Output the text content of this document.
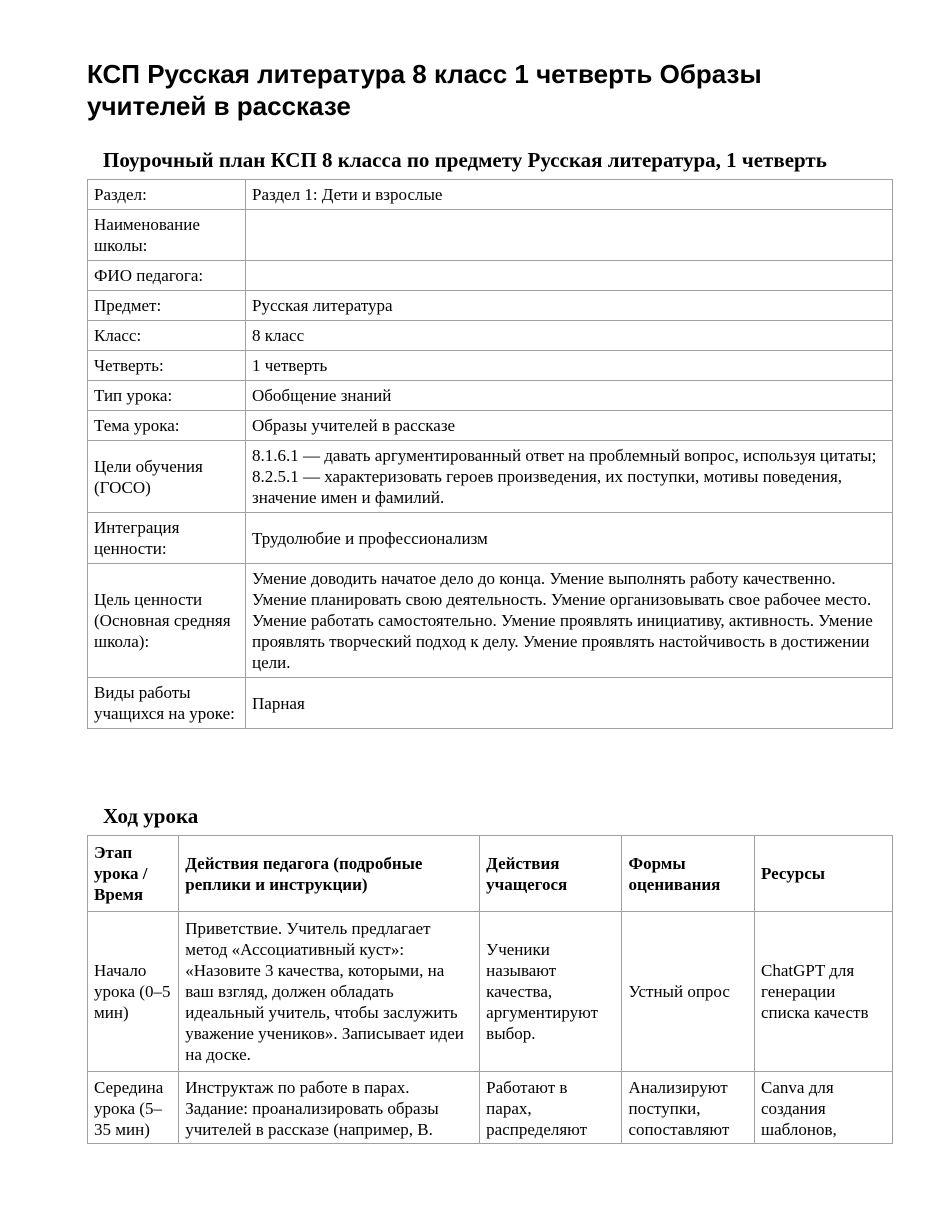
КСП Русская литература 8 класс 1 четверть Образы учителей в рассказе
Поурочный план КСП 8 класса по предмету Русская литература, 1 четверть
Раздел:	Раздел 1: Дети и взрослые
Наименование школы:	
ФИО педагога:	
Предмет:	Русская литература
Класс:	8 класс
Четверть:	1 четверть
Тип урока:	Обобщение знаний
Тема урока:	Образы учителей в рассказе
Цели обучения (ГОСО)	8.1.6.1 — давать аргументированный ответ на проблемный вопрос, используя цитаты; 8.2.5.1 — характеризовать героев произведения, их поступки, мотивы поведения, значение имен и фамилий.
Интеграция ценности:	Трудолюбие и профессионализм
Цель ценности (Основная средняя школа):	Умение доводить начатое дело до конца. Умение выполнять работу качественно. Умение планировать свою деятельность. Умение организовывать свое рабочее место. Умение работать самостоятельно. Умение проявлять инициативу, активность. Умение проявлять творческий подход к делу. Умение проявлять настойчивость в достижении цели.
Виды работы учащихся на уроке:	Парная
Ход урока
Этап урока / Время	Действия педагога (подробные реплики и инструкции)	Действия учащегося	Формы оценивания	Ресурсы
Начало урока (0–5 мин)	Приветствие. Учитель предлагает метод «Ассоциативный куст»: «Назовите 3 качества, которыми, на ваш взгляд, должен обладать идеальный учитель, чтобы заслужить уважение учеников». Записывает идеи на доске.	Ученики называют качества, аргументируют выбор.	Устный опрос	ChatGPT для генерации списка качеств
Середина урока (5–35 мин)	Инструктаж по работе в парах. Задание: проанализировать образы учителей в рассказе (например, В.	Работают в парах, распределяют	Анализируют поступки, сопоставляют	Canva для создания шаблонов,
